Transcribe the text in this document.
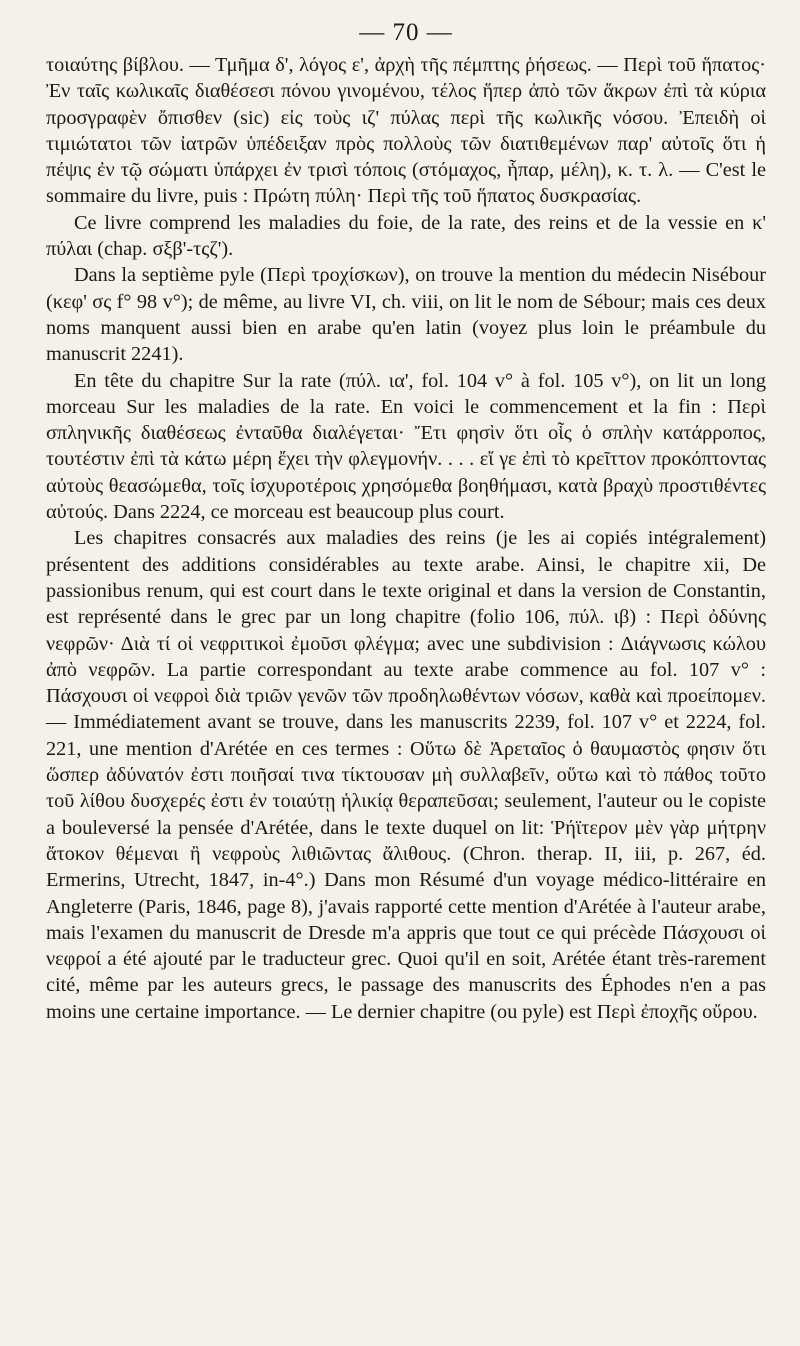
— 70 —

τοιαύτης βίβλου. — Τμῆμα δ', λόγος ε', ἀρχὴ τῆς πέμπτης ῥήσεως. — Περὶ τοῦ ἥπατος· Ἐν ταῖς κωλικαῖς διαθέσεσι πόνου γινομένου, τέλος ἥπερ ἀπὸ τῶν ἄκρων ἐπὶ τὰ κύρια προσγραφὲν ὄπισθεν (sic) εἰς τοὺς ιζ' πύλας περὶ τῆς κωλικῆς νόσου. Ἐπειδὴ οἱ τιμιώτατοι τῶν ἰατρῶν ὑπέδειξαν πρὸς πολλοὺς τῶν διατιθεμένων παρ' αὐτοῖς ὅτι ἡ πέψις ἐν τῷ σώματι ὑπάρχει ἐν τρισὶ τόποις (στόμαχος, ἧπαρ, μέλη), κ. τ. λ. — C'est le sommaire du livre, puis : Πρώτη πύλη· Περὶ τῆς τοῦ ἥπατος δυσκρασίας.

Ce livre comprend les maladies du foie, de la rate, des reins et de la vessie en κ' πύλαι (chap. σξβ'-τςζ').

Dans la septième pyle (Περὶ τροχίσκων), on trouve la mention du médecin Nisébour (κεφ' σς f° 98 v°); de même, au livre VI, ch. viii, on lit le nom de Sébour; mais ces deux noms manquent aussi bien en arabe qu'en latin (voyez plus loin le préambule du manuscrit 2241).

En tête du chapitre Sur la rate (πύλ. ια', fol. 104 v° à fol. 105 v°), on lit un long morceau Sur les maladies de la rate. En voici le commencement et la fin : Περὶ σπληνικῆς διαθέσεως ἐνταῦθα διαλέγεται· Ἔτι φησὶν ὅτι οἷς ὁ σπλὴν κατάρροπος, τουτέστιν ἐπὶ τὰ κάτω μέρη ἔχει τὴν φλεγμονήν. . . . εἴ γε ἐπὶ τὸ κρεῖττον προκόπτοντας αὐτοὺς θεασώμεθα, τοῖς ἰσχυροτέροις χρησόμεθα βοηθήμασι, κατὰ βραχὺ προστιθέντες αὐτούς. Dans 2224, ce morceau est beaucoup plus court.

Les chapitres consacrés aux maladies des reins (je les ai copiés intégralement) présentent des additions considérables au texte arabe. Ainsi, le chapitre xii, De passionibus renum, qui est court dans le texte original et dans la version de Constantin, est représenté dans le grec par un long chapitre (folio 106, πύλ. ιβ) : Περὶ ὀδύνης νεφρῶν· Διὰ τί οἱ νεφριτικοὶ ἐμοῦσι φλέγμα; avec une subdivision : Διάγνωσις κώλου ἀπὸ νεφρῶν. La partie correspondant au texte arabe commence au fol. 107 v° : Πάσχουσι οἱ νεφροὶ διὰ τριῶν γενῶν τῶν προδηλωθέντων νόσων, καθὰ καὶ προείπομεν. — Immédiatement avant se trouve, dans les manuscrits 2239, fol. 107 v° et 2224, fol. 221, une mention d'Arétée en ces termes : Οὕτω δὲ Ἀρεταῖος ὁ θαυμαστὸς φησιν ὅτι ὥσπερ ἀδύνατόν ἐστι ποιῆσαί τινα τίκτουσαν μὴ συλλαβεῖν, οὕτω καὶ τὸ πάθος τοῦτο τοῦ λίθου δυσχερές ἐστι ἐν τοιαύτῃ ἡλικίᾳ θεραπεῦσαι; seulement, l'auteur ou le copiste a bouleversé la pensée d'Arétée, dans le texte duquel on lit: Ῥήϊτερον μὲν γὰρ μήτρην ἄτοκον θέμεναι ἢ νεφροὺς λιθιῶντας ἄλιθους. (Chron. therap. II, iii, p. 267, éd. Ermerins, Utrecht, 1847, in-4°.) Dans mon Résumé d'un voyage médico-littéraire en Angleterre (Paris, 1846, page 8), j'avais rapporté cette mention d'Arétée à l'auteur arabe, mais l'examen du manuscrit de Dresde m'a appris que tout ce qui précède Πάσχουσι οἱ νεφροί a été ajouté par le traducteur grec. Quoi qu'il en soit, Arétée étant très-rarement cité, même par les auteurs grecs, le passage des manuscrits des Éphodes n'en a pas moins une certaine importance. — Le dernier chapitre (ou pyle) est Περὶ ἐποχῆς οὔρου.
